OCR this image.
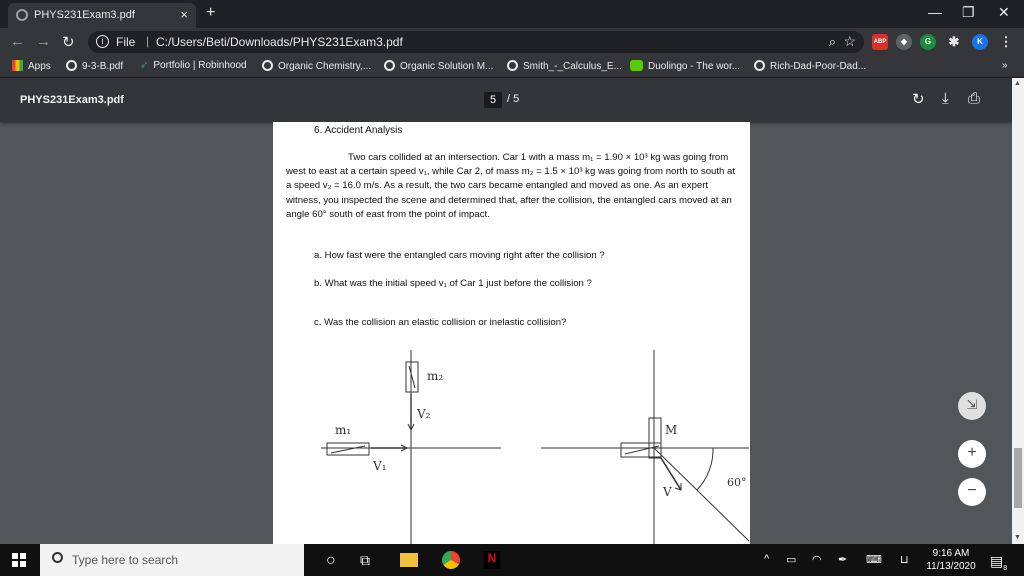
PHYS231Exam3.pdf	× +	— ❐ ✕
← → ↻	i	File | C:/Users/Beti/Downloads/PHYS231Exam3.pdf	⌕ ☆	ABP	◆	G	✱	K	⋮
Apps	9-3-B.pdf ➶ Portfolio | Robinhood	Organic Chemistry,...	Organic Solution M...	Smith_-_Calculus_E...	Duolingo - The wor...	Rich-Dad-Poor-Dad...	»
PHYS231Exam3.pdf	5 / 5	↻ ⤓ ⎙
6. Accident Analysis
Two cars collided at an intersection. Car 1 with a mass m₁ = 1.90 × 10³ kg was going from west to east at a certain speed v₁, while Car 2, of mass m₂ = 1.5 × 10³ kg was going from north to south at a speed v₂ = 16.0 m/s. As a result, the two cars became entangled and moved as one. As an expert witness, you inspected the scene and determined that, after the collision, the entangled cars moved at an angle 60° south of east from the point of impact.
a. How fast were the entangled cars moving right after the collision ?
b. What was the initial speed v₁ of Car 1 just before the collision ?
c. Was the collision an elastic collision or inelastic collision?
m₂
V₂
m₁
V₁
M
V
60°
▲
▼
⇲
+
−
Type here to search	○ ⧉	N	^ ▭ ◠ ✒ ⌨ ⊔
9:16 AM
11/13/2020 $▤_8$
